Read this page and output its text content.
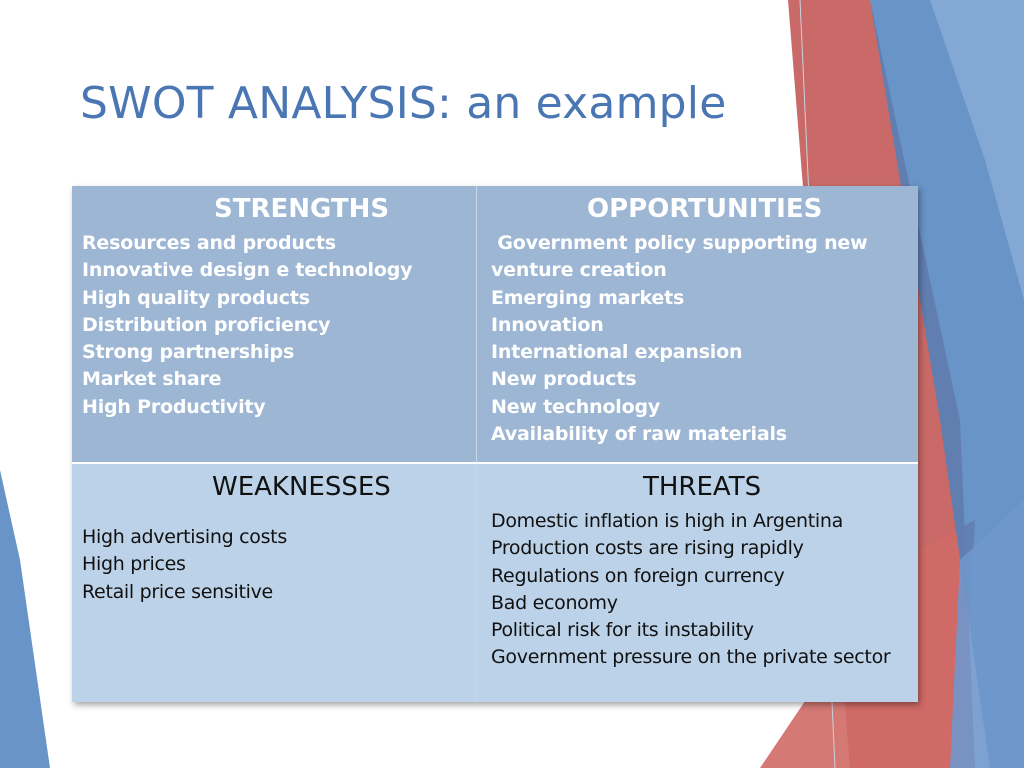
SWOT ANALYSIS: an example
STRENGTHS
Resources and products
Innovative design e technology
High quality products
Distribution proficiency
Strong partnerships
Market share
High Productivity
OPPORTUNITIES
Government policy supporting new
venture creation
Emerging markets
Innovation
International expansion
New products
New technology
Availability of raw materials
WEAKNESSES
High advertising costs
High prices
Retail price sensitive
THREATS
Domestic inflation is high in Argentina
Production costs are rising rapidly
Regulations on foreign currency
Bad economy
Political risk for its instability
Government pressure on the private sector
